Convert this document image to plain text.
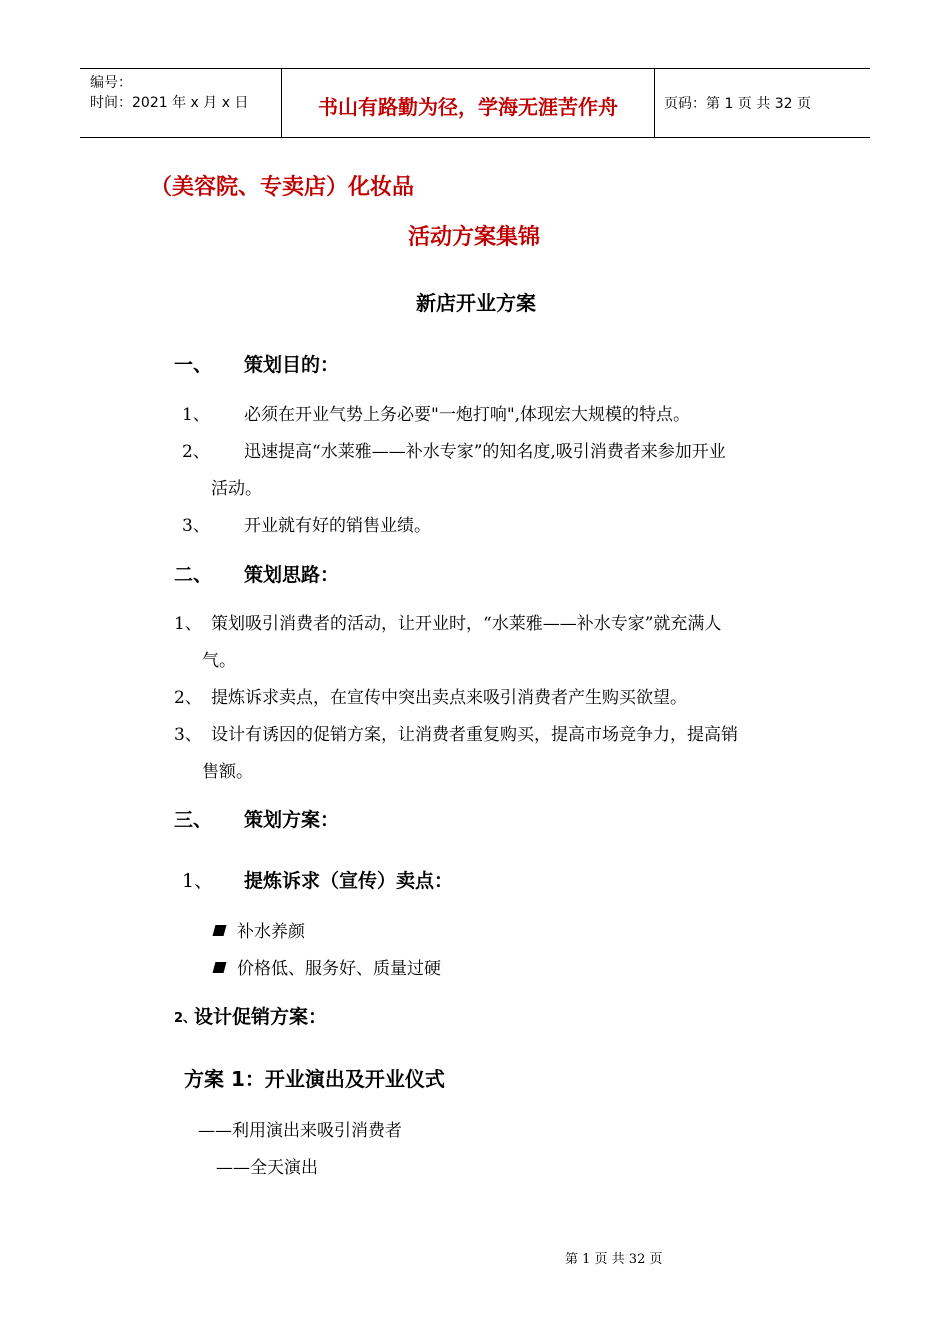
编号：
时间：2021 年 x 月 x 日	书山有路勤为径，学海无涯苦作舟	页码：第 1 页 共 32 页
（美容院、专卖店）化妆品
活动方案集锦
新店开业方案
一、 策划目的：
1、 必须在开业气势上务必要"一炮打响",体现宏大规模的特点。
2、 迅速提高“水莱雅——补水专家”的知名度,吸引消费者来参加开业
活动。
3、 开业就有好的销售业绩。
二、 策划思路：
1、 策划吸引消费者的活动，让开业时，“水莱雅——补水专家”就充满人
气。
2、 提炼诉求卖点，在宣传中突出卖点来吸引消费者产生购买欲望。
3、 设计有诱因的促销方案，让消费者重复购买，提高市场竞争力，提高销
售额。
三、 策划方案：
1、 提炼诉求（宣传）卖点：
补水养颜
价格低、服务好、质量过硬
2、
设计促销方案：
方案 1：开业演出及开业仪式
——利用演出来吸引消费者
——全天演出
第 1 页 共 32 页
